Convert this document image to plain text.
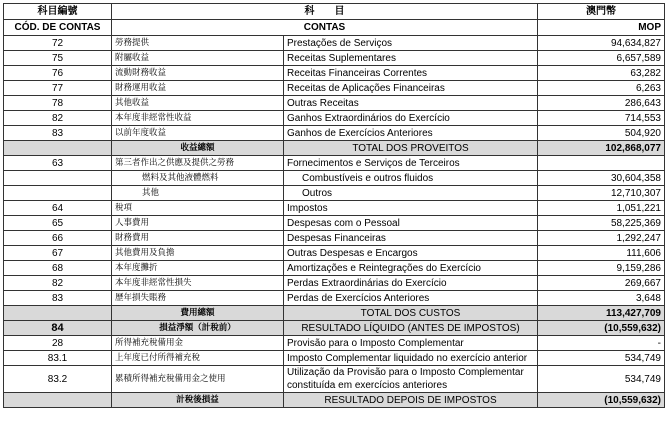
科目編號	科　　目		澳門幣
CÓD. DE CONTAS	CONTAS		MOP
72	勞務提供	Prestações de Serviços	94,634,827
75	附屬收益	Receitas Suplementares	6,657,589
76	流動財務收益	Receitas Financeiras Correntes	63,282
77	財務運用收益	Receitas de Aplicações Financeiras	6,263
78	其他收益	Outras Receitas	286,643
82	本年度非經常性收益	Ganhos Extraordinários do Exercício	714,553
83	以前年度收益	Ganhos de Exercícios Anteriores	504,920
	收益總額	TOTAL DOS PROVEITOS	102,868,077
63	第三者作出之供應及提供之勞務	Fornecimentos e Serviços de Terceiros	
	燃料及其他液體燃料	Combustíveis e outros fluidos	30,604,358
	其他	Outros	12,710,307
64	稅項	Impostos	1,051,221
65	人事費用	Despesas com o Pessoal	58,225,369
66	財務費用	Despesas Financeiras	1,292,247
67	其他費用及負擔	Outras Despesas e Encargos	111,606
68	本年度攤折	Amortizações e Reintegrações do Exercício	9,159,286
82	本年度非經常性損失	Perdas Extraordinárias do Exercício	269,667
83	歷年損失賬務	Perdas de Exercícios Anteriores	3,648
	費用總額	TOTAL DOS CUSTOS	113,427,709
84	損益淨額（計稅前）	RESULTADO LÍQUIDO (ANTES DE IMPOSTOS)	(10,559,632)
28	所得補充稅備用金	Provisão para o Imposto Complementar	-
83.1	上年度已付所得補充稅	Imposto Complementar liquidado no exercício anterior	534,749
83.2	累積所得補充稅備用金之使用	Utilização da Provisão para o Imposto Complementar constituída em exercícios anteriores	534,749
	計稅後損益	RESULTADO DEPOIS DE IMPOSTOS	(10,559,632)
